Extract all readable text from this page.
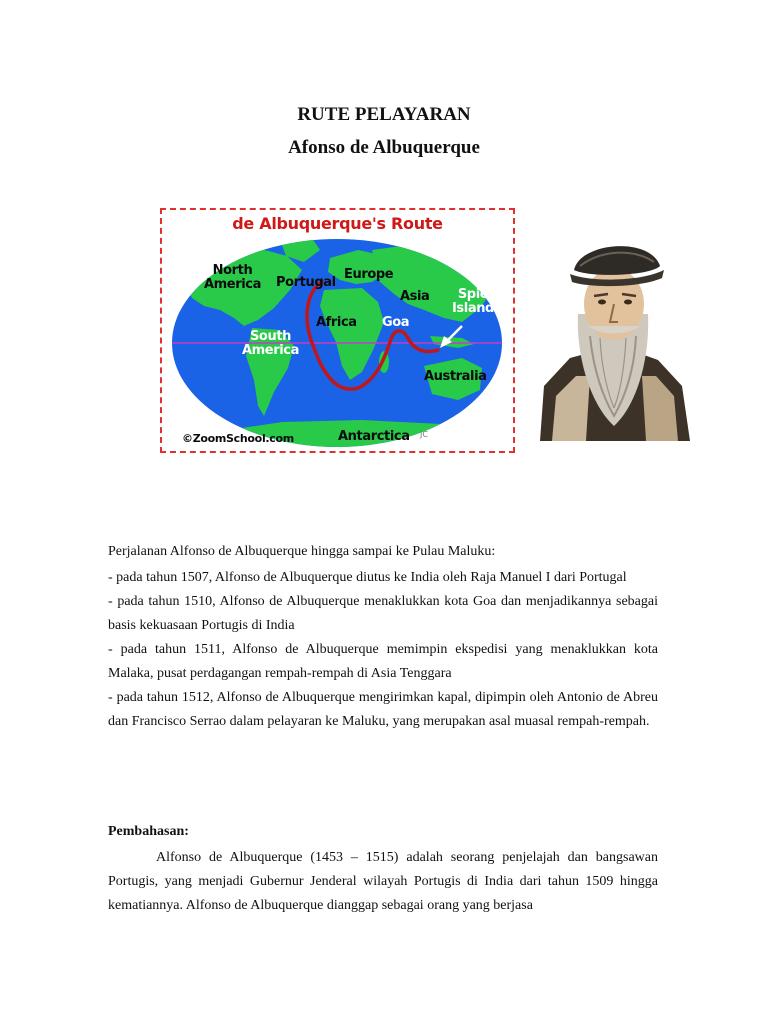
RUTE PELAYARAN
Afonso de Albuquerque
de Albuquerque's Route
North
America Portugal
Europe
Asia	Spice
Islands
Africa Goa
South
America
Australia
Antarctica
©ZoomSchool.com	JC
Perjalanan Alfonso de Albuquerque hingga sampai ke Pulau Maluku:
- pada tahun 1507, Alfonso de Albuquerque diutus ke India oleh Raja Manuel I dari Portugal
- pada tahun 1510, Alfonso de Albuquerque menaklukkan kota Goa dan menjadikannya sebagai basis kekuasaan Portugis di India
- pada tahun 1511, Alfonso de Albuquerque memimpin ekspedisi yang menaklukkan kota Malaka, pusat perdagangan rempah-rempah di Asia Tenggara
- pada tahun 1512, Alfonso de Albuquerque mengirimkan kapal, dipimpin oleh Antonio de Abreu dan Francisco Serrao dalam pelayaran ke Maluku, yang merupakan asal muasal rempah-rempah.
Pembahasan:
Alfonso de Albuquerque (1453 – 1515) adalah seorang penjelajah dan bangsawan Portugis, yang menjadi Gubernur Jenderal wilayah Portugis di India dari tahun 1509 hingga kematiannya. Alfonso de Albuquerque dianggap sebagai orang yang berjasa
